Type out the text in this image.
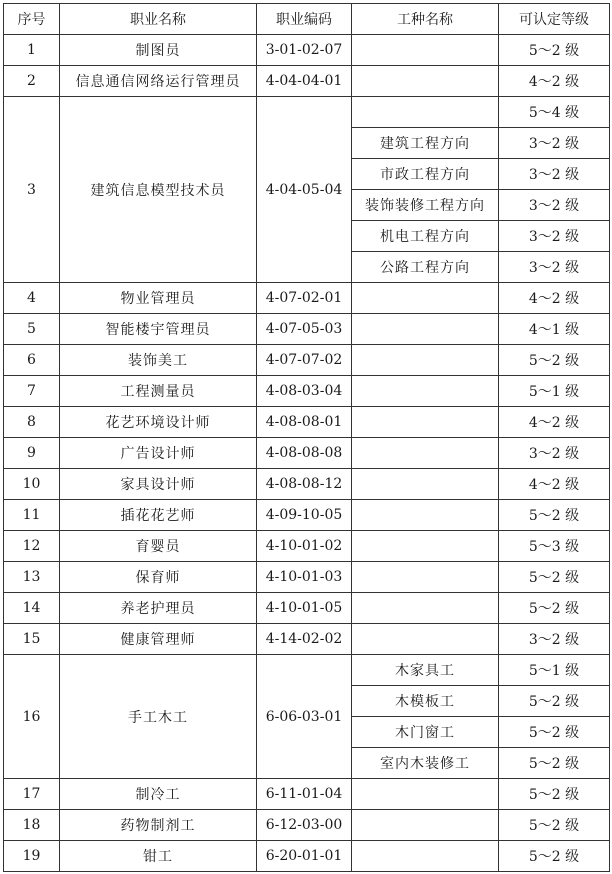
序号	职业名称	职业编码	工种名称	可认定等级
1	制图员	3-01-02-07		5～2 级
2	信息通信网络运行管理员	4-04-04-01		4～2 级
3	建筑信息模型技术员	4-04-05-04		5～4 级
			建筑工程方向	3～2 级
			市政工程方向	3～2 级
			装饰装修工程方向	3～2 级
			机电工程方向	3～2 级
			公路工程方向	3～2 级
4	物业管理员	4-07-02-01		4～2 级
5	智能楼宇管理员	4-07-05-03		4～1 级
6	装饰美工	4-07-07-02		5～2 级
7	工程测量员	4-08-03-04		5～1 级
8	花艺环境设计师	4-08-08-01		4～2 级
9	广告设计师	4-08-08-08		3～2 级
10	家具设计师	4-08-08-12		4～2 级
11	插花花艺师	4-09-10-05		5～2 级
12	育婴员	4-10-01-02		5～3 级
13	保育师	4-10-01-03		5～2 级
14	养老护理员	4-10-01-05		5～2 级
15	健康管理师	4-14-02-02		3～2 级
16	手工木工	6-06-03-01	木家具工	5～1 级
			木模板工	5～2 级
			木门窗工	5～2 级
			室内木装修工	5～2 级
17	制冷工	6-11-01-04		5～2 级
18	药物制剂工	6-12-03-00		5～2 级
19	钳工	6-20-01-01		5～2 级
